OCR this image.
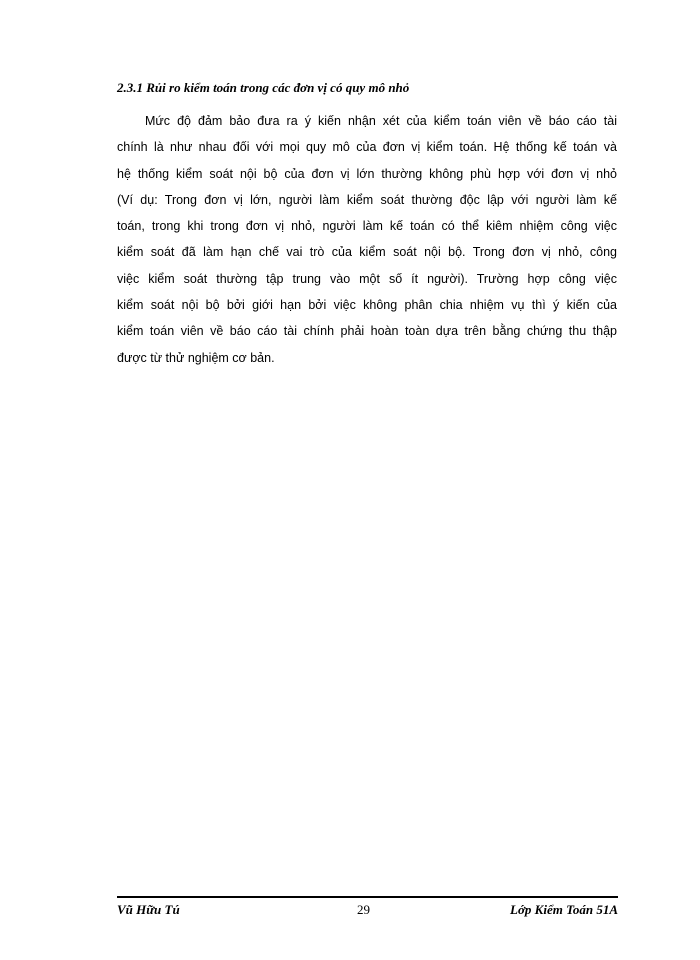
2.3.1 Rủi ro kiểm toán trong các đơn vị có quy mô nhỏ

Mức độ đảm bảo đưa ra ý kiến nhận xét của kiểm toán viên về báo cáo tài
chính là như nhau đối với mọi quy mô của đơn vị kiểm toán. Hệ thống kế toán và
hệ thống kiểm soát nội bộ của đơn vị lớn thường không phù hợp với đơn vị nhỏ
(Ví dụ: Trong đơn vị lớn, người làm kiểm soát thường độc lập với người làm kế
toán, trong khi trong đơn vị nhỏ, người làm kế toán có thể kiêm nhiệm công việc
kiểm soát đã làm hạn chế vai trò của kiểm soát nội bộ. Trong đơn vị nhỏ, công
việc kiểm soát thường tập trung vào một số ít người). Trường hợp công việc
kiểm soát nội bộ bởi giới hạn bởi việc không phân chia nhiệm vụ thì ý kiến của
kiểm toán viên về báo cáo tài chính phải hoàn toàn dựa trên bằng chứng thu thập
được từ thử nghiệm cơ bản.

Vũ Hữu Tú	29	Lớp Kiểm Toán 51A
